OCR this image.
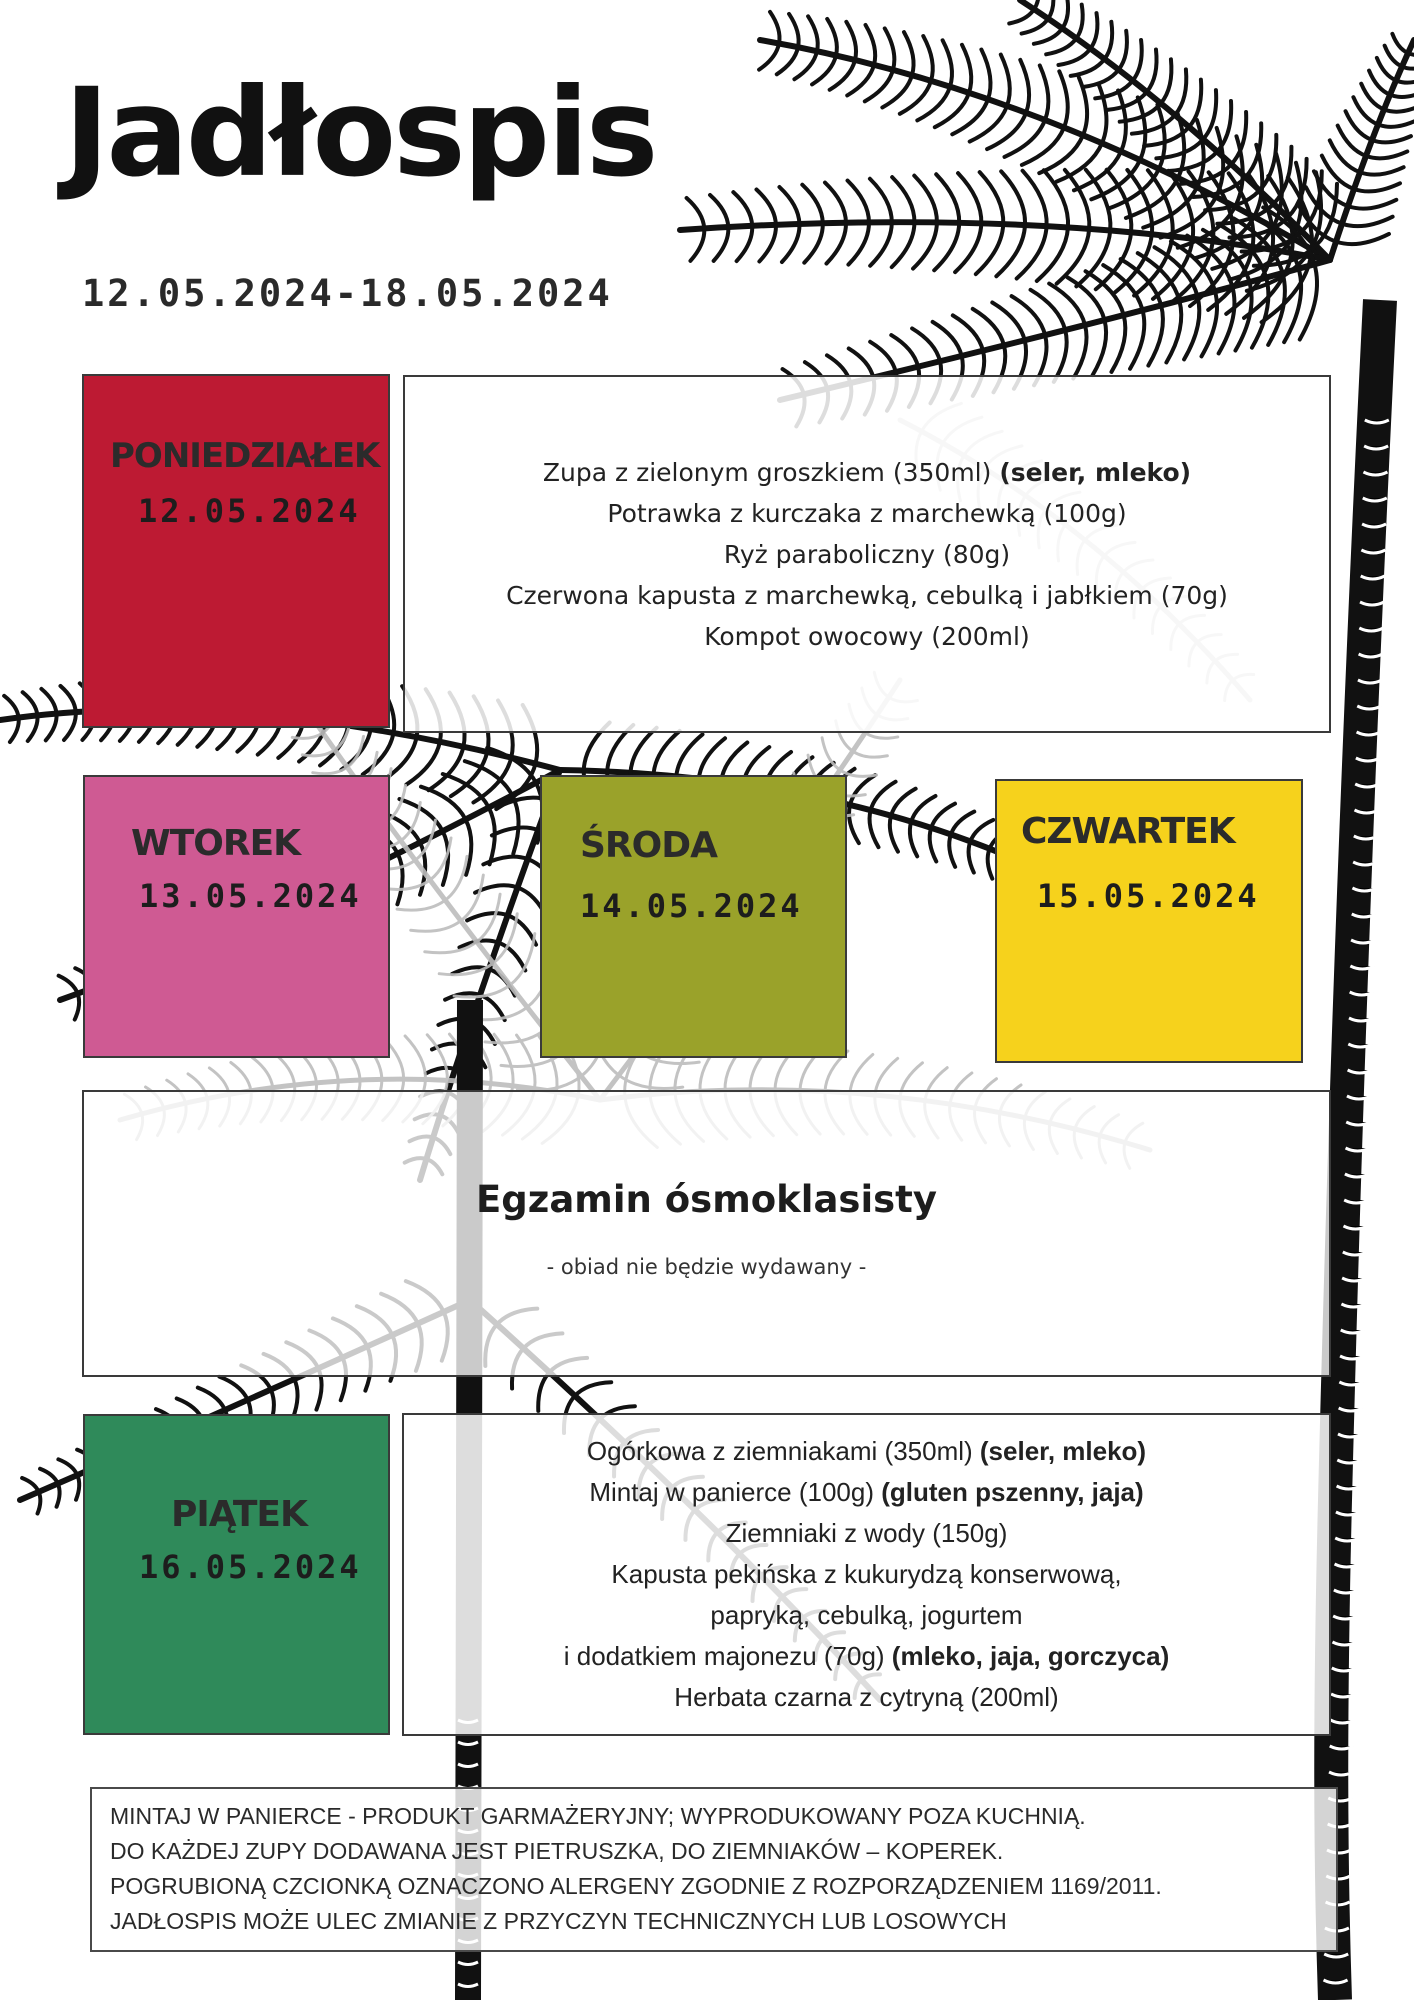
Jadłospis
12.05.2024-18.05.2024
PONIEDZIAŁEK
12.05.2024
Zupa z zielonym groszkiem (350ml) (seler, mleko)
Potrawka z kurczaka z marchewką (100g)
Ryż paraboliczny (80g)
Czerwona kapusta z marchewką, cebulką i jabłkiem (70g)
Kompot owocowy (200ml)
WTOREK
13.05.2024
ŚRODA
14.05.2024
CZWARTEK
15.05.2024
Egzamin ósmoklasisty
- obiad nie będzie wydawany -
PIĄTEK
16.05.2024
Ogórkowa z ziemniakami (350ml) (seler, mleko)
Mintaj w panierce (100g) (gluten pszenny, jaja)
Ziemniaki z wody (150g)
Kapusta pekińska z kukurydzą konserwową,
papryką, cebulką, jogurtem
i dodatkiem majonezu (70g) (mleko, jaja, gorczyca)
Herbata czarna z cytryną (200ml)
MINTAJ W PANIERCE - PRODUKT GARMAŻERYJNY; WYPRODUKOWANY POZA KUCHNIĄ.
DO KAŻDEJ ZUPY DODAWANA JEST PIETRUSZKA, DO ZIEMNIAKÓW – KOPEREK.
POGRUBIONĄ CZCIONKĄ OZNACZONO ALERGENY ZGODNIE Z ROZPORZĄDZENIEM 1169/2011.
JADŁOSPIS MOŻE ULEC ZMIANIE Z PRZYCZYN TECHNICZNYCH LUB LOSOWYCH
